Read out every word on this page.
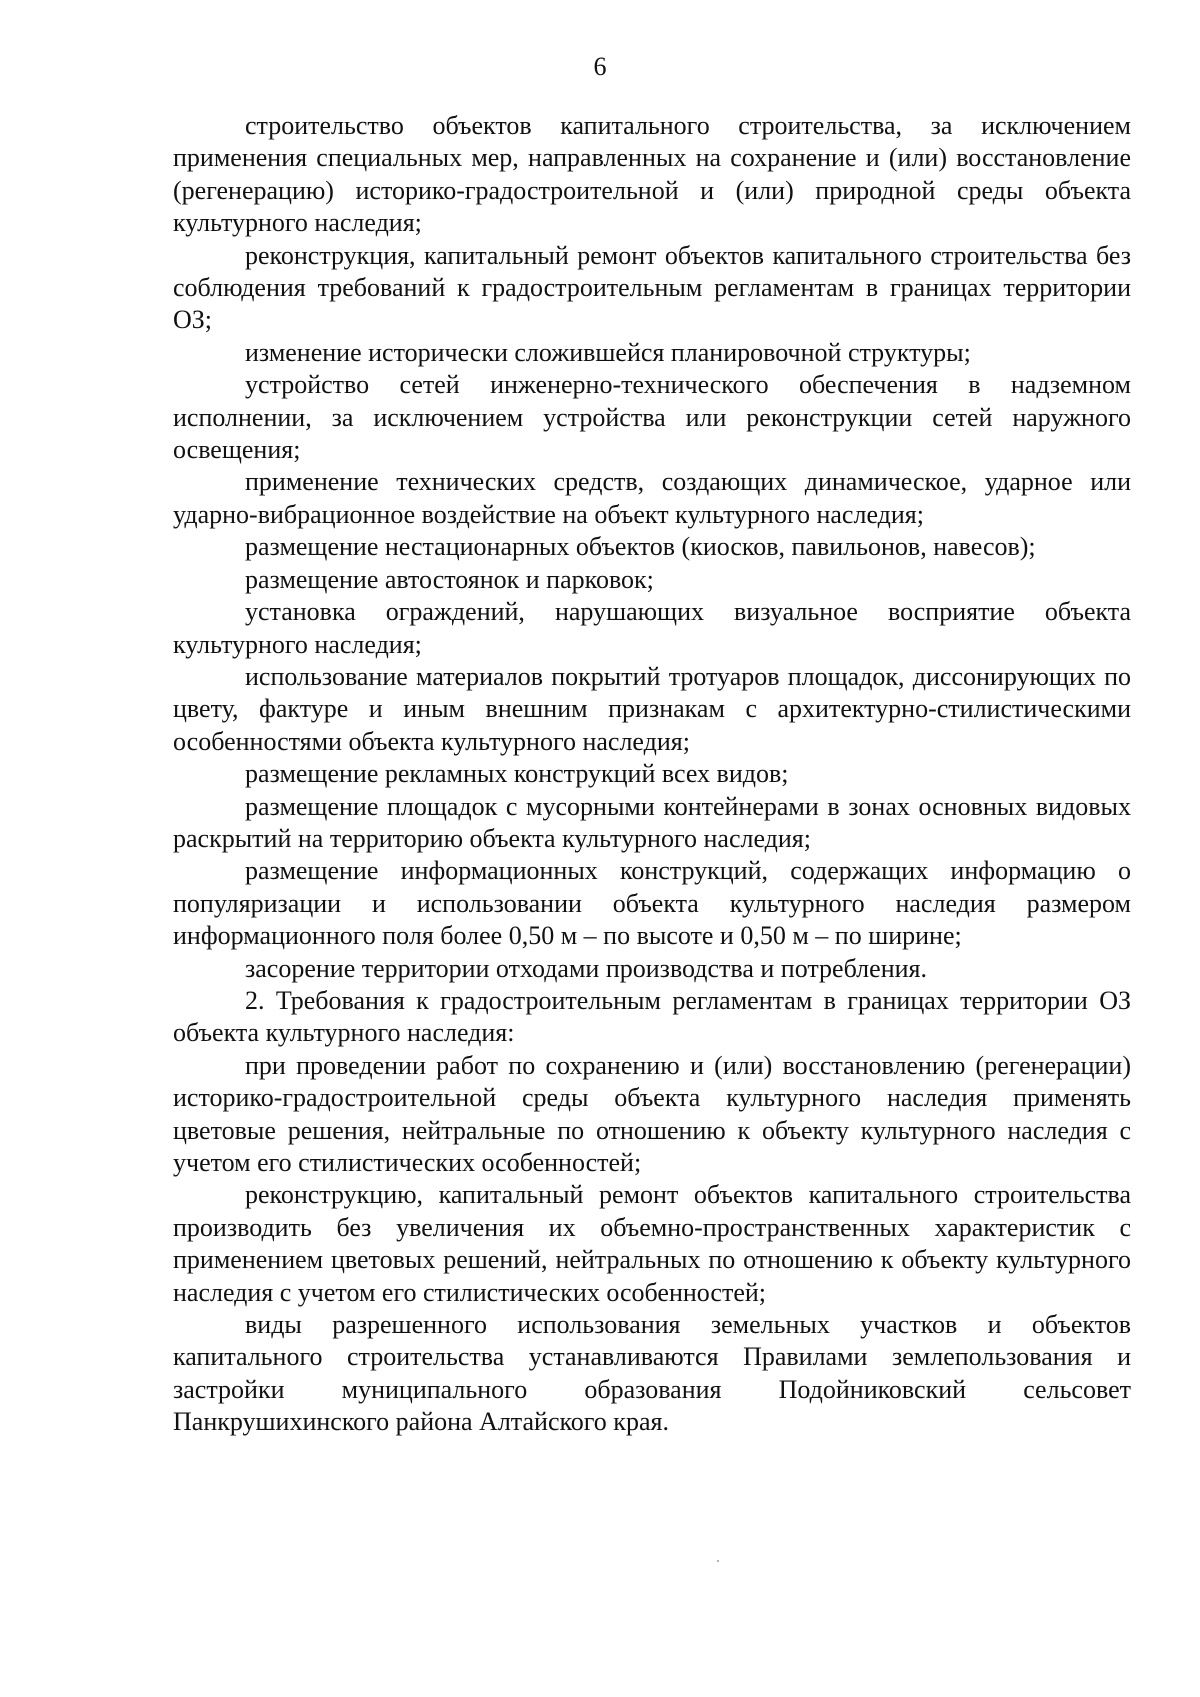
6

строительство объектов капитального строительства, за исключением применения специальных мер, направленных на сохранение и (или) восстановление (регенерацию) историко-градостроительной и (или) природной среды объекта культурного наследия;

реконструкция, капитальный ремонт объектов капитального строительства без соблюдения требований к градостроительным регламентам в границах территории ОЗ;

изменение исторически сложившейся планировочной структуры;

устройство сетей инженерно-технического обеспечения в надземном исполнении, за исключением устройства или реконструкции сетей наружного освещения;

применение технических средств, создающих динамическое, ударное или ударно-вибрационное воздействие на объект культурного наследия;

размещение нестационарных объектов (киосков, павильонов, навесов);

размещение автостоянок и парковок;

установка ограждений, нарушающих визуальное восприятие объекта культурного наследия;

использование материалов покрытий тротуаров площадок, диссонирующих по цвету, фактуре и иным внешним признакам с архитектурно-стилистическими особенностями объекта культурного наследия;

размещение рекламных конструкций всех видов;

размещение площадок с мусорными контейнерами в зонах основных видовых раскрытий на территорию объекта культурного наследия;

размещение информационных конструкций, содержащих информацию о популяризации и использовании объекта культурного наследия размером информационного поля более 0,50 м – по высоте и 0,50 м – по ширине;

засорение территории отходами производства и потребления.

2. Требования к градостроительным регламентам в границах территории ОЗ объекта культурного наследия:

при проведении работ по сохранению и (или) восстановлению (регенерации) историко-градостроительной среды объекта культурного наследия применять цветовые решения, нейтральные по отношению к объекту культурного наследия с учетом его стилистических особенностей;

реконструкцию, капитальный ремонт объектов капитального строительства производить без увеличения их объемно-пространственных характеристик с применением цветовых решений, нейтральных по отношению к объекту культурного наследия с учетом его стилистических особенностей;

виды разрешенного использования земельных участков и объектов капитального строительства устанавливаются Правилами землепользования и застройки муниципального образования Подойниковский сельсовет Панкрушихинского района Алтайского края.
